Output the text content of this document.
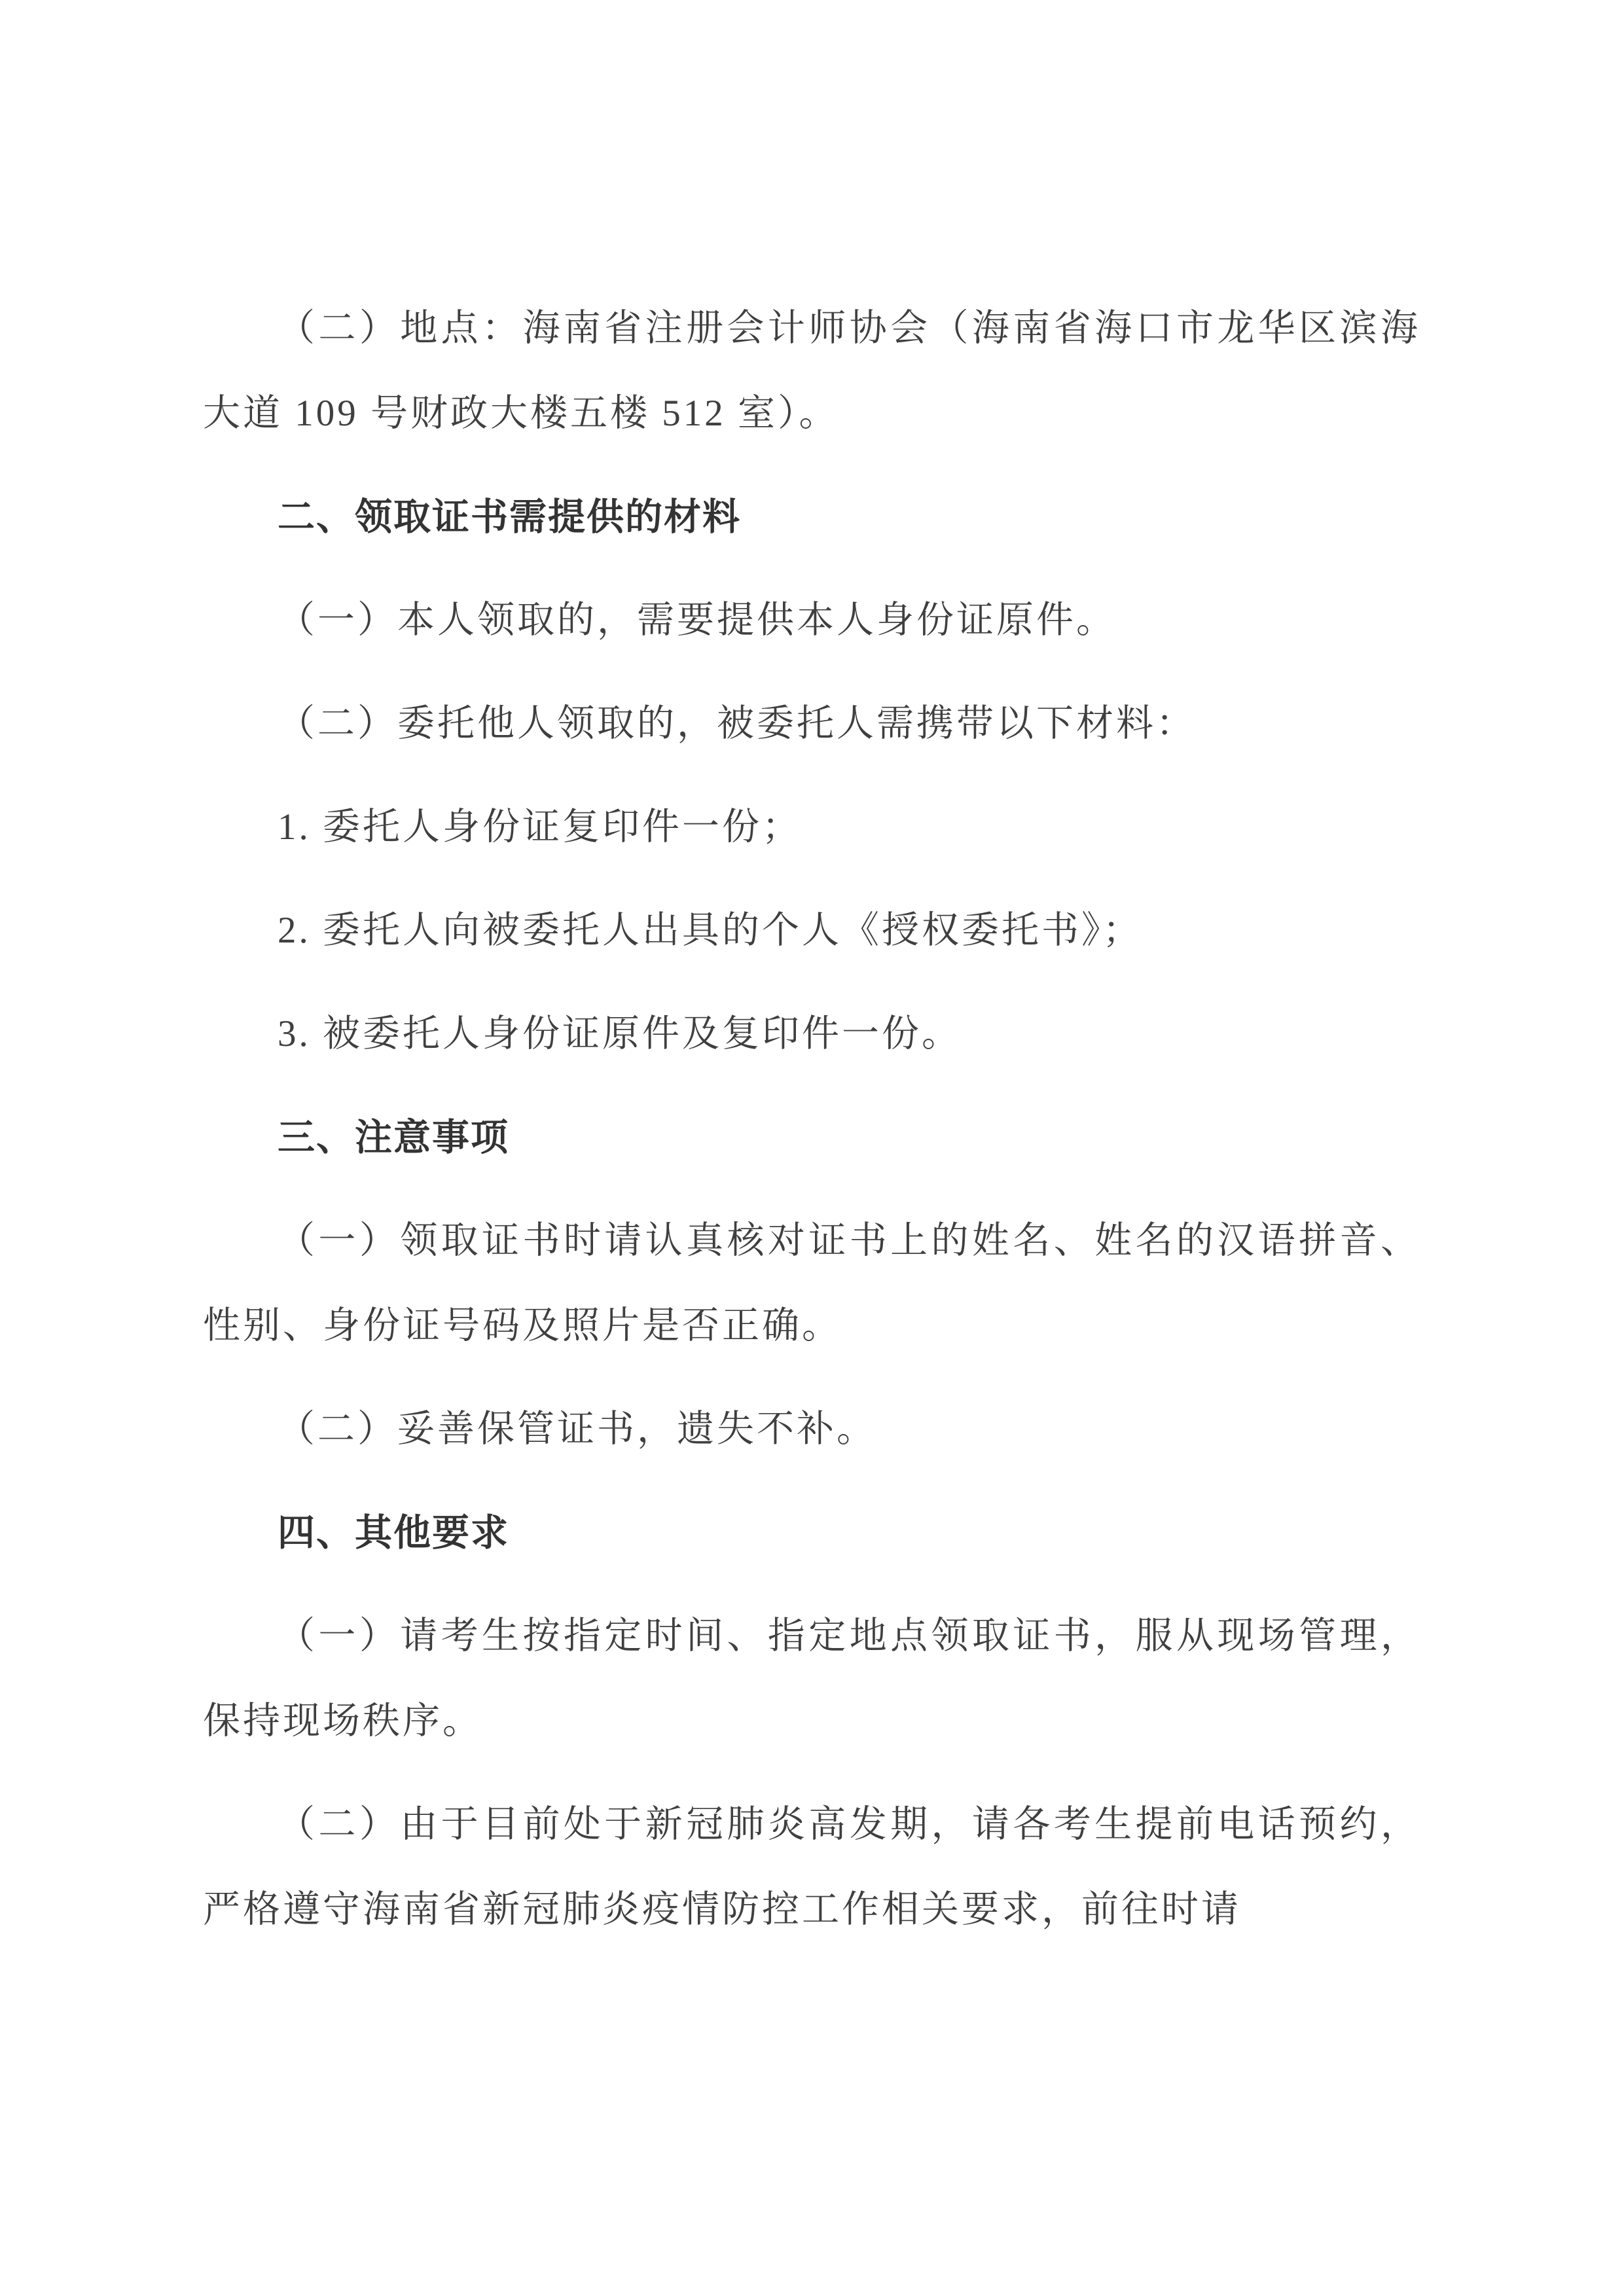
（二）地点：海南省注册会计师协会（海南省海口市龙华区滨海大道 109 号财政大楼五楼 512 室）。

二、领取证书需提供的材料

（一）本人领取的，需要提供本人身份证原件。

（二）委托他人领取的，被委托人需携带以下材料：

1. 委托人身份证复印件一份；

2. 委托人向被委托人出具的个人《授权委托书》；

3. 被委托人身份证原件及复印件一份。

三、注意事项

（一）领取证书时请认真核对证书上的姓名、姓名的汉语拼音、性别、身份证号码及照片是否正确。

（二）妥善保管证书，遗失不补。

四、其他要求

（一）请考生按指定时间、指定地点领取证书，服从现场管理，保持现场秩序。

（二）由于目前处于新冠肺炎高发期，请各考生提前电话预约，严格遵守海南省新冠肺炎疫情防控工作相关要求，前往时请
